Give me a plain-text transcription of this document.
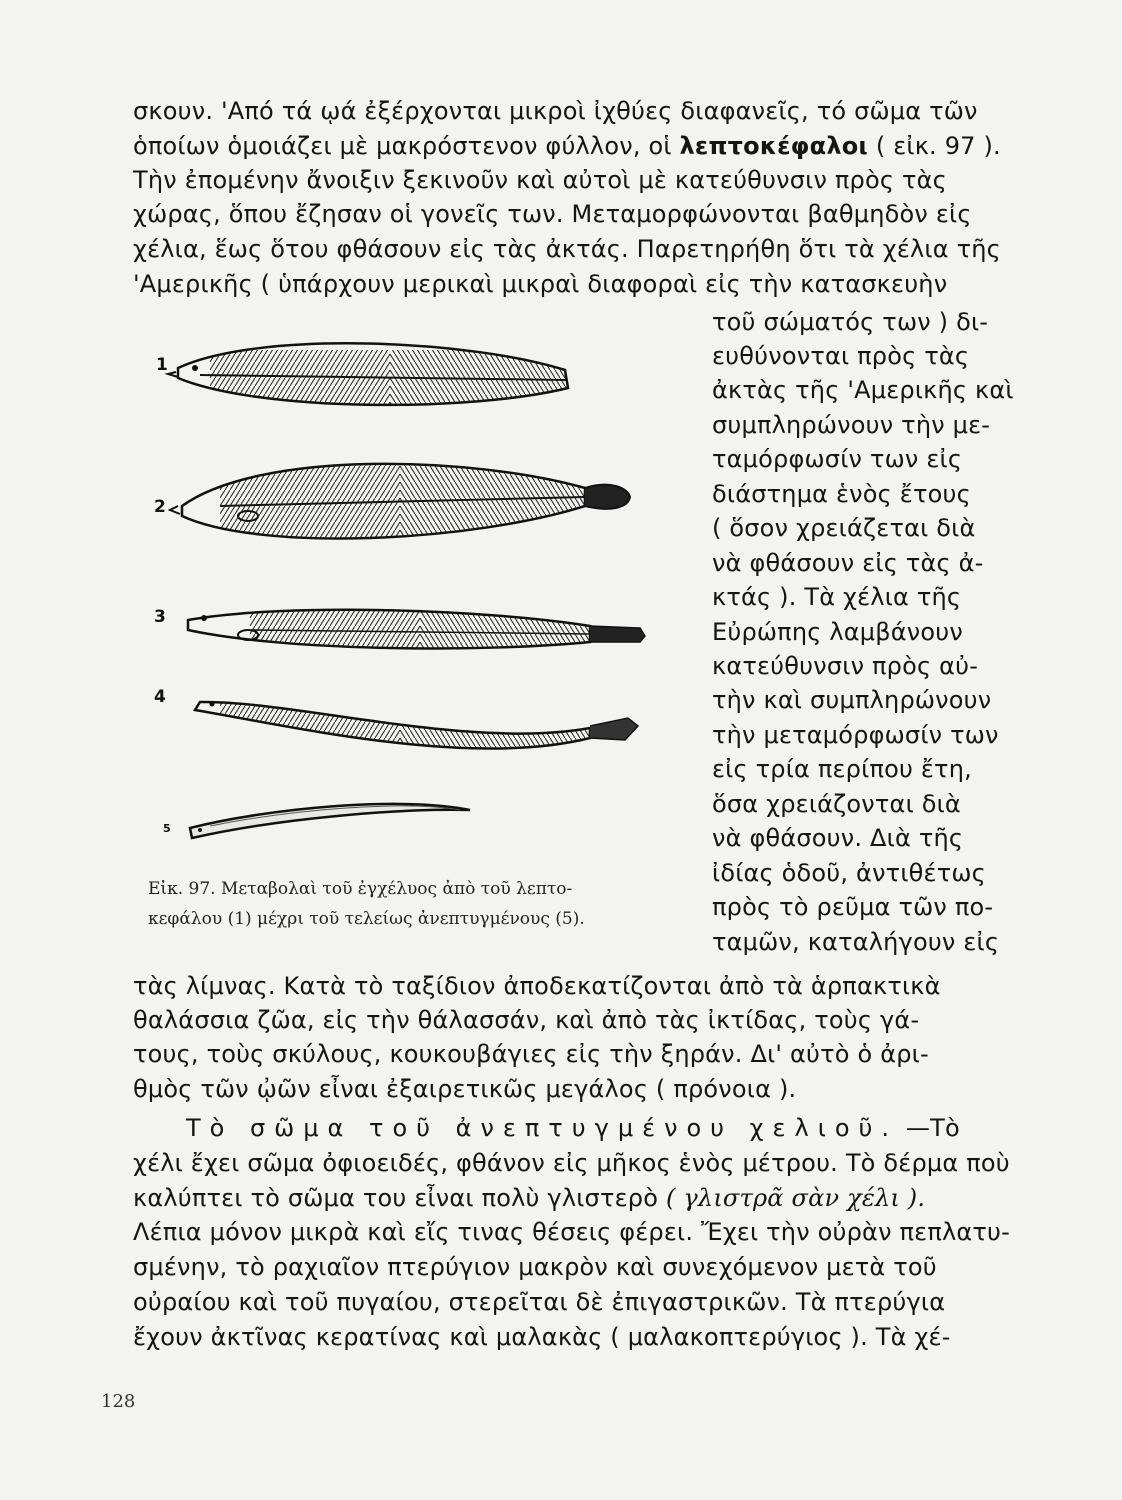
σκουν. 'Από τά ῳά ἐξέρχονται μικροὶ ἰχθύες διαφανεῖς, τό σῶμα τῶν
ὁποίων ὁμοιάζει μὲ μακρόστενον φύλλον, οἱ λεπτοκέφαλοι ( εἰκ. 97 ).
Τὴν ἐπομένην ἄνοιξιν ξεκινοῦν καὶ αὐτοὶ μὲ κατεύθυνσιν πρὸς τὰς
χώρας, ὅπου ἔζησαν οἱ γονεῖς των. Μεταμορφώνονται βαθμηδὸν εἰς
χέλια, ἕως ὅτου φθάσουν εἰς τὰς ἀκτάς. Παρετηρήθη ὅτι τὰ χέλια τῆς
'Αμερικῆς ( ὑπάρχουν μερικαὶ μικραὶ διαφοραὶ εἰς τὴν κατασκευὴν
τοῦ σώματός των ) δι-
ευθύνονται πρὸς τὰς
ἀκτὰς τῆς 'Αμερικῆς καὶ
συμπληρώνουν τὴν με-
ταμόρφωσίν των εἰς
διάστημα ἑνὸς ἔτους
( ὅσον χρειάζεται διὰ
νὰ φθάσουν εἰς τὰς ἀ-
κτάς ). Τὰ χέλια τῆς
Εὐρώπης λαμβάνουν
κατεύθυνσιν πρὸς αὐ-
τὴν καὶ συμπληρώνουν
τὴν μεταμόρφωσίν των
εἰς τρία περίπου ἔτη,
ὅσα χρειάζονται διὰ
νὰ φθάσουν. Διὰ τῆς
ἰδίας ὁδοῦ, ἀντιθέτως
πρὸς τὸ ρεῦμα τῶν πο-
ταμῶν, καταλήγουν εἰς
1
2
3
4
5
Εἰκ. 97. Μεταβολαὶ τοῦ ἐγχέλυος ἀπὸ τοῦ λεπτο-
κεφάλου (1) μέχρι τοῦ τελείως ἀνεπτυγμένους (5).
τὰς λίμνας. Κατὰ τὸ ταξίδιον ἀποδεκατίζονται ἀπὸ τὰ ἁρπακτικὰ
θαλάσσια ζῶα, εἰς τὴν θάλασσάν, καὶ ἀπὸ τὰς ἰκτίδας, τοὺς γά-
τους, τοὺς σκύλους, κουκουβάγιες εἰς τὴν ξηράν. Δι' αὐτὸ ὁ ἀρι-
θμὸς τῶν ᾠῶν εἶναι ἐξαιρετικῶς μεγάλος ( πρόνοια ).
Τὸ σῶμα τοῦ ἀνεπτυγμένου χελιοῦ. —Τὸ
χέλι ἔχει σῶμα ὀφιοειδές, φθάνον εἰς μῆκος ἑνὸς μέτρου. Τὸ δέρμα ποὺ
καλύπτει τὸ σῶμα του εἶναι πολὺ γλιστερὸ ( γλιστρᾶ σὰν χέλι ).
Λέπια μόνον μικρὰ καὶ εἴς τινας θέσεις φέρει. Ἔχει τὴν οὐρὰν πεπλατυ-
σμένην, τὸ ραχιαῖον πτερύγιον μακρὸν καὶ συνεχόμενον μετὰ τοῦ
οὐραίου καὶ τοῦ πυγαίου, στερεῖται δὲ ἐπιγαστρικῶν. Τὰ πτερύγια
ἔχουν ἀκτῖνας κερατίνας καὶ μαλακὰς ( μαλακοπτερύγιος ). Τὰ χέ-
128
